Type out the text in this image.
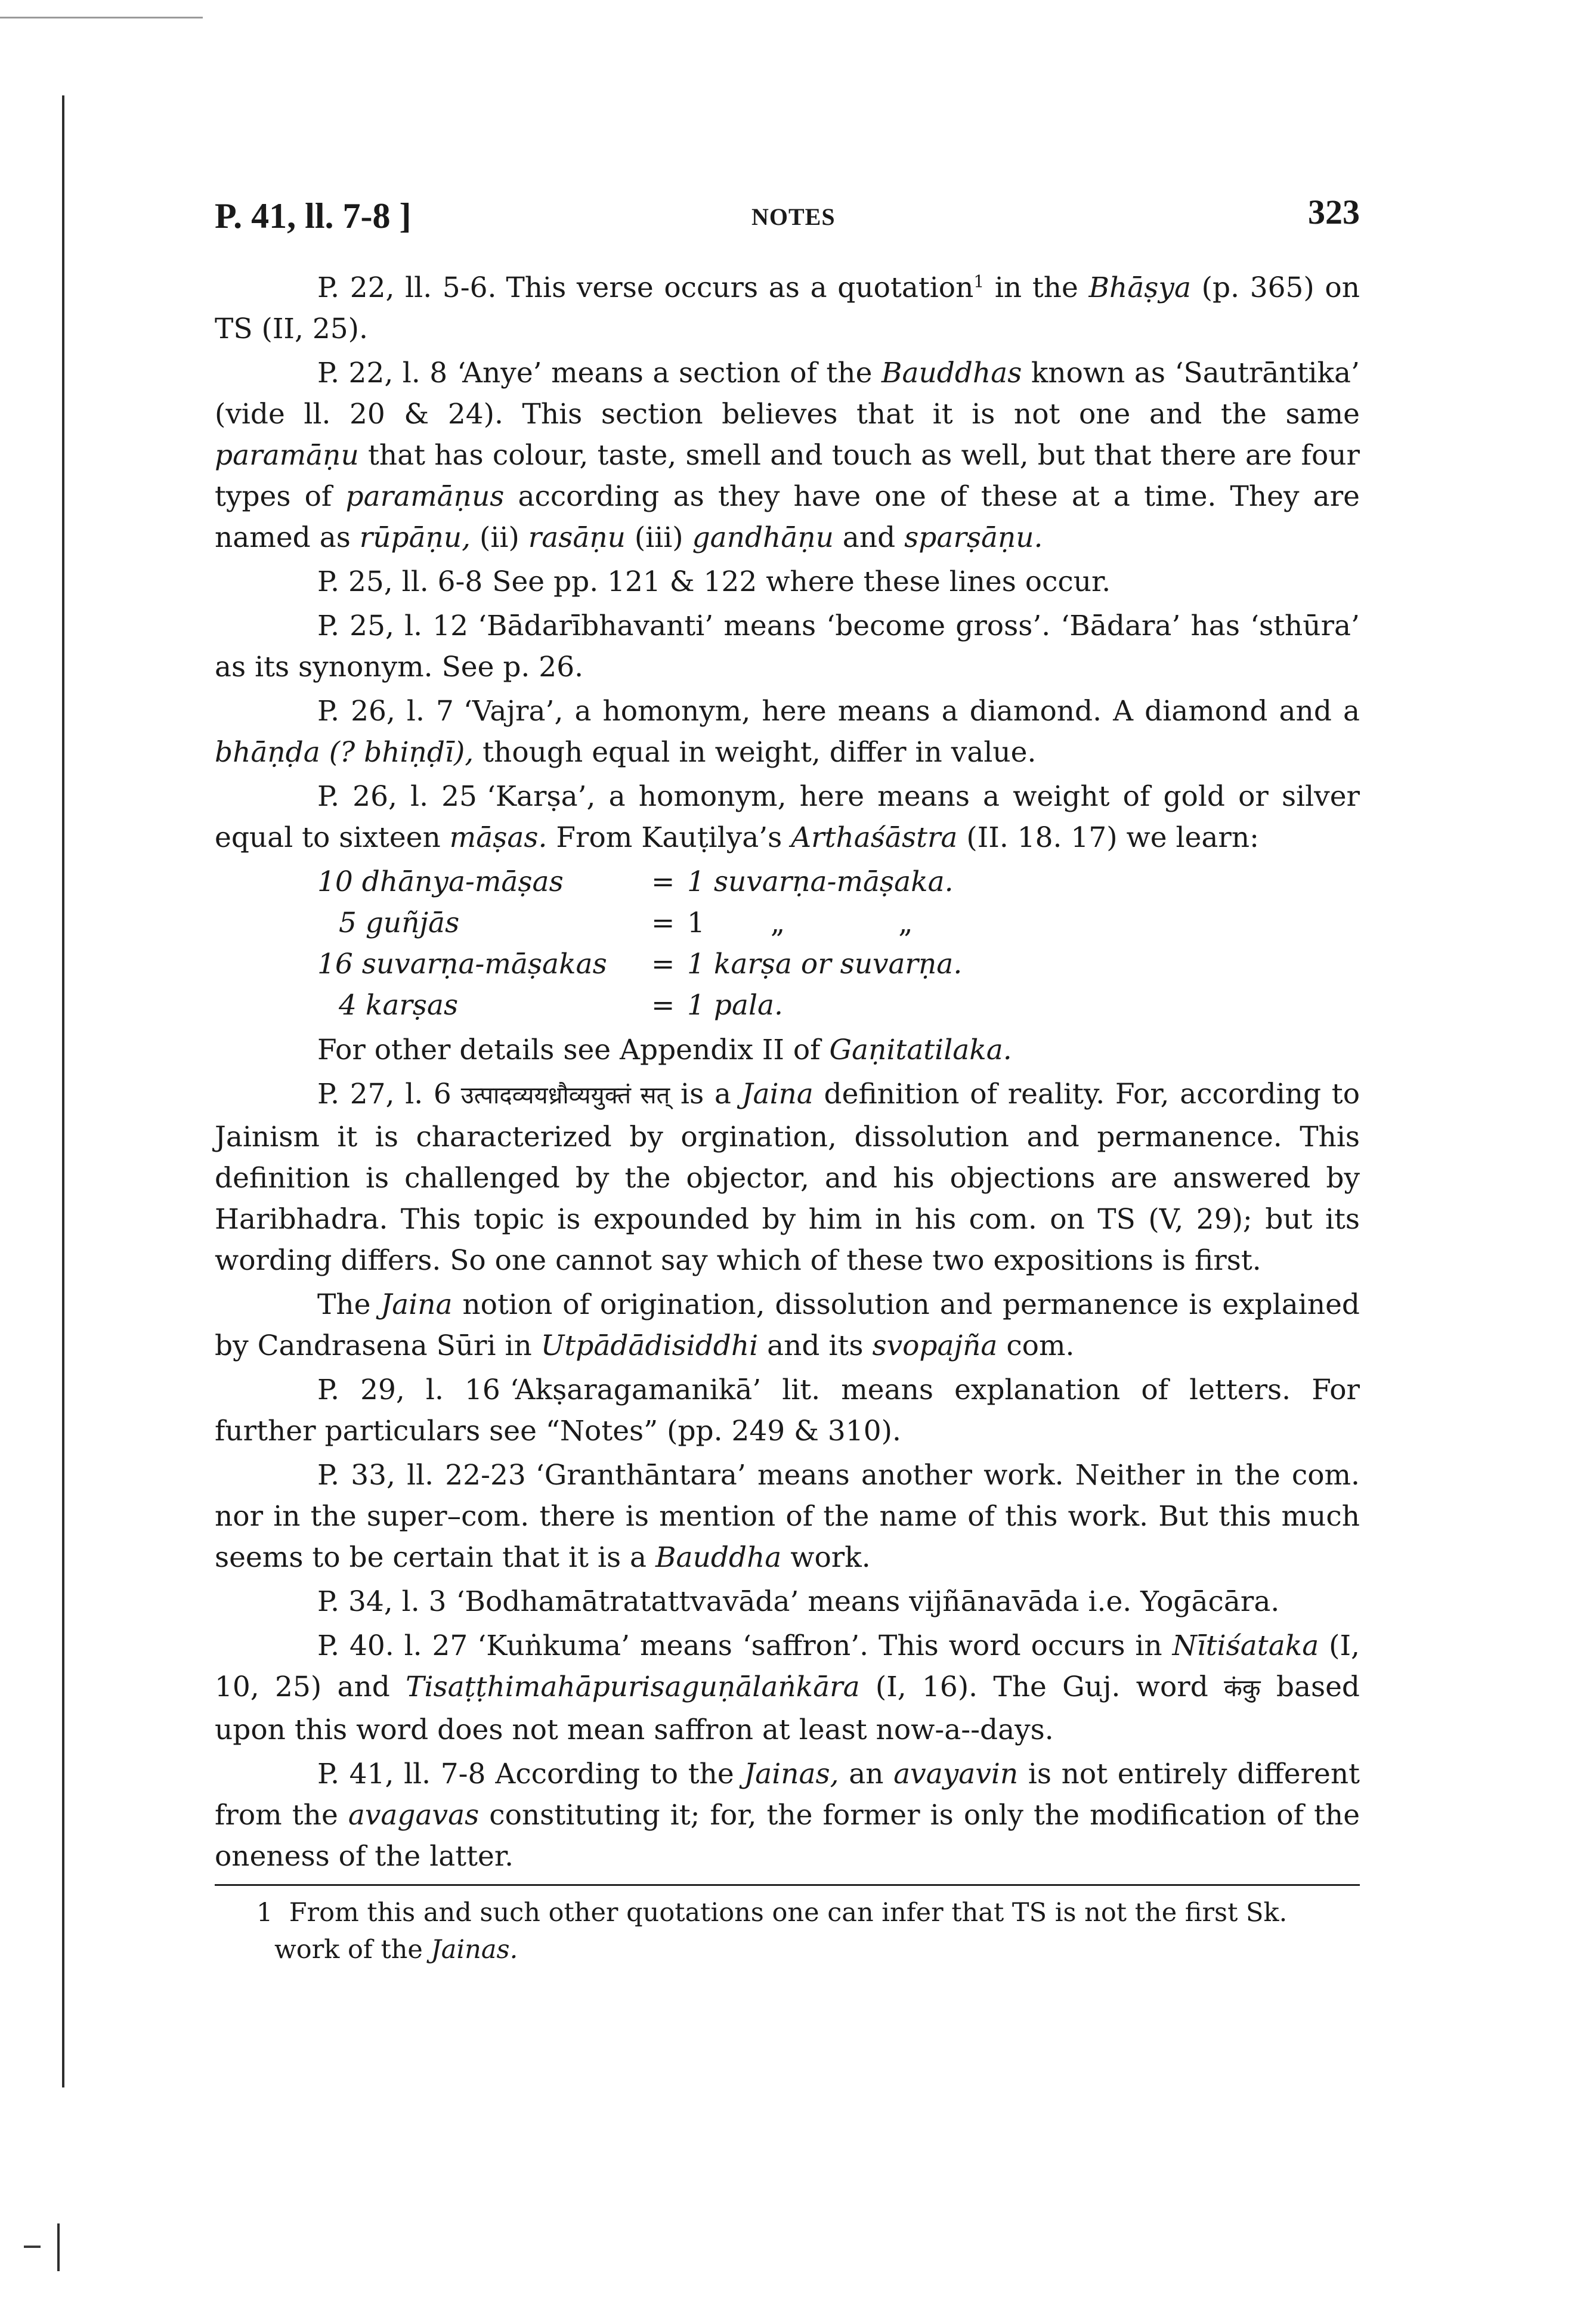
P. 41, ll. 7-8 ]	NOTES	323

P. 22, ll. 5-6. This verse occurs as a quotation$^1$ in the Bhāṣya (p. 365) on TS (II, 25).

P. 22, l. 8 ‘Anye’ means a section of the Bauddhas known as ‘Sautrāntika’ (vide ll. 20 & 24). This section believes that it is not one and the same paramāṇu that has colour, taste, smell and touch as well, but that there are four types of paramāṇus according as they have one of these at a time. They are named as rūpāṇu, (ii) rasāṇu (iii) gandhāṇu and sparṣāṇu.

P. 25, ll. 6-8 See pp. 121 & 122 where these lines occur.

P. 25, l. 12 ‘Bādarībhavanti’ means ‘become gross’. ‘Bādara’ has ‘sthūra’ as its synonym. See p. 26.

P. 26, l. 7 ‘Vajra’, a homonym, here means a diamond. A diamond and a bhāṇḍa (? bhiṇḍī), though equal in weight, differ in value.

P. 26, l. 25 ‘Karṣa’, a homonym, here means a weight of gold or silver equal to sixteen māṣas. From Kauṭilya’s Arthaśāstra (II. 18. 17) we learn:

10 dhānya-māṣas	= 1 suvarṇa-māṣaka.
5 guñjās	= 1 „	„
16 suvarṇa-māṣakas	= 1 karṣa or suvarṇa.
4 karṣas	= 1 pala.

For other details see Appendix II of Gaṇitatilaka.

P. 27, l. 6 उत्पादव्ययध्रौव्ययुक्तं सत् is a Jaina definition of reality. For, according to Jainism it is characterized by orgination, dissolution and permanence. This definition is challenged by the objector, and his objections are answered by Haribhadra. This topic is expounded by him in his com. on TS (V, 29); but its wording differs. So one cannot say which of these two expositions is first.

The Jaina notion of origination, dissolution and permanence is explained by Candrasena Sūri in Utpādādisiddhi and its svopajña com.

P. 29, l. 16 ‘Akṣaragamanikā’ lit. means explanation of letters. For further particulars see “Notes” (pp. 249 & 310).

P. 33, ll. 22-23 ‘Granthāntara’ means another work. Neither in the com. nor in the super–com. there is mention of the name of this work. But this much seems to be certain that it is a Bauddha work.

P. 34, l. 3 ‘Bodhamātratattvavāda’ means vijñānavāda i.e. Yogācāra.

P. 40. l. 27 ‘Kuṅkuma’ means ‘saffron’. This word occurs in Nītiśataka (I, 10, 25) and Tisaṭṭhimahāpurisaguṇālaṅkāra (I, 16). The Guj. word कंकु based upon this word does not mean saffron at least now-a--days.

P. 41, ll. 7-8 According to the Jainas, an avayavin is not entirely different from the avagavas constituting it; for, the former is only the modification of the oneness of the latter.

1 From this and such other quotations one can infer that TS is not the first Sk. work of the Jainas.
